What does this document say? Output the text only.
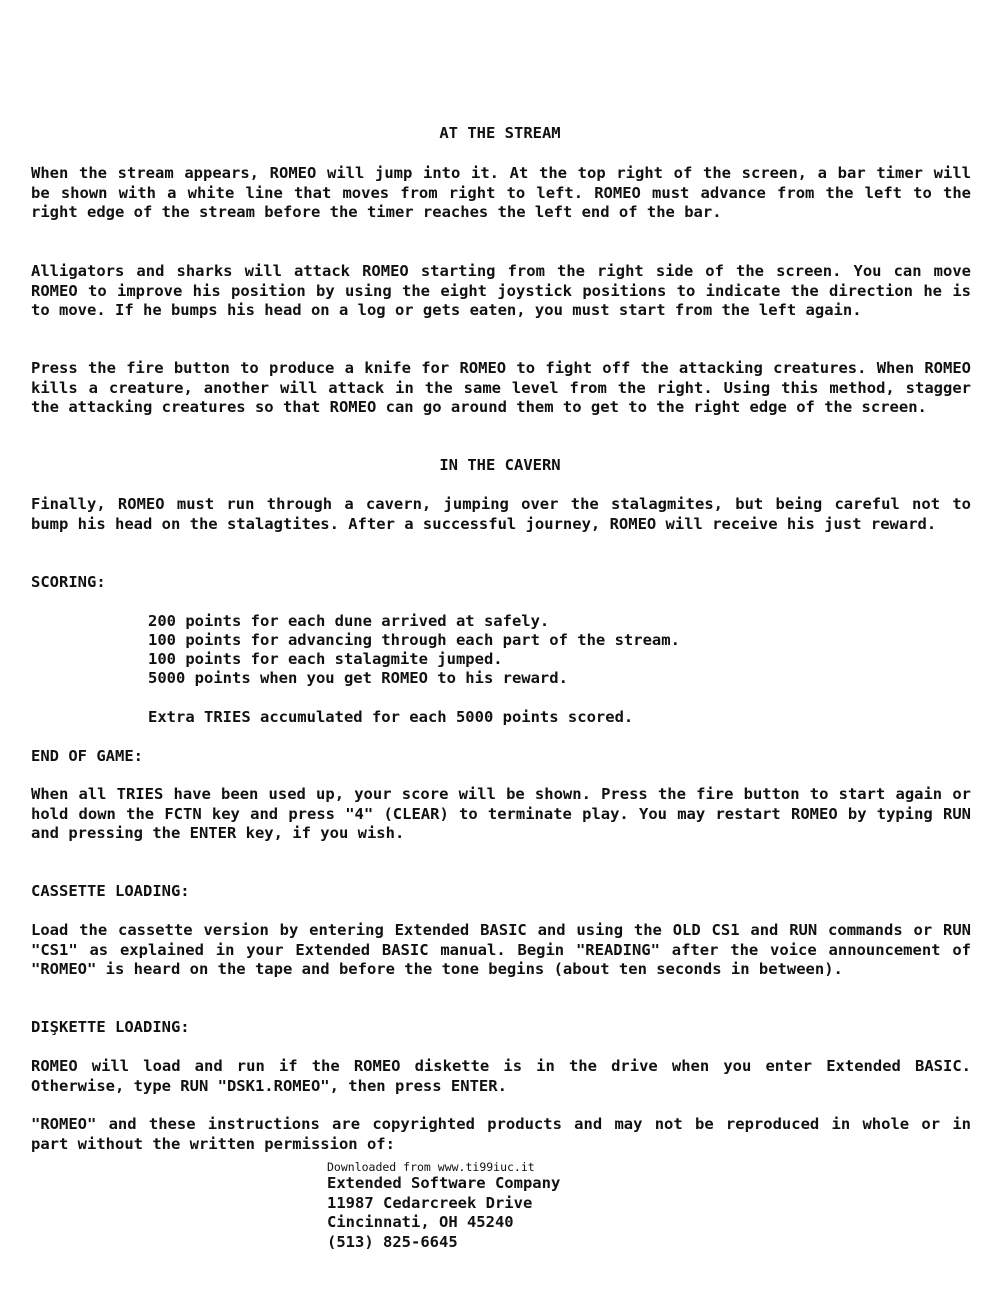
AT THE STREAM

When the stream appears, ROMEO will jump into it. At the top right of the screen, a bar timer will be shown with a white line that moves from right to left. ROMEO must advance from the left to the right edge of the stream before the timer reaches the left end of the bar.

Alligators and sharks will attack ROMEO starting from the right side of the screen. You can move ROMEO to improve his position by using the eight joystick positions to indicate the direction he is to move. If he bumps his head on a log or gets eaten, you must start from the left again.

Press the fire button to produce a knife for ROMEO to fight off the attacking creatures. When ROMEO kills a creature, another will attack in the same level from the right. Using this method, stagger the attacking creatures so that ROMEO can go around them to get to the right edge of the screen.

IN THE CAVERN

Finally, ROMEO must run through a cavern, jumping over the stalagmites, but being careful not to bump his head on the stalagtites. After a successful journey, ROMEO will receive his just reward.

SCORING:
200 points for each dune arrived at safely.
100 points for advancing through each part of the stream.
100 points for each stalagmite jumped.
5000 points when you get ROMEO to his reward.
Extra TRIES accumulated for each 5000 points scored.
END OF GAME:

When all TRIES have been used up, your score will be shown. Press the fire button to start again or hold down the FCTN key and press "4" (CLEAR) to terminate play. You may restart ROMEO by typing RUN and pressing the ENTER key, if you wish.

CASSETTE LOADING:

Load the cassette version by entering Extended BASIC and using the OLD CS1 and RUN commands or RUN "CS1" as explained in your Extended BASIC manual. Begin "READING" after the voice announcement of "ROMEO" is heard on the tape and before the tone begins (about ten seconds in between).

DIŞKETTE LOADING:

ROMEO will load and run if the ROMEO diskette is in the drive when you enter Extended BASIC. Otherwise, type RUN "DSK1.ROMEO", then press ENTER.

"ROMEO" and these instructions are copyrighted products and may not be reproduced in whole or in part without the written permission of:

Downloaded from www.ti99iuc.it
Extended Software Company
11987 Cedarcreek Drive
Cincinnati, OH 45240
(513) 825-6645
